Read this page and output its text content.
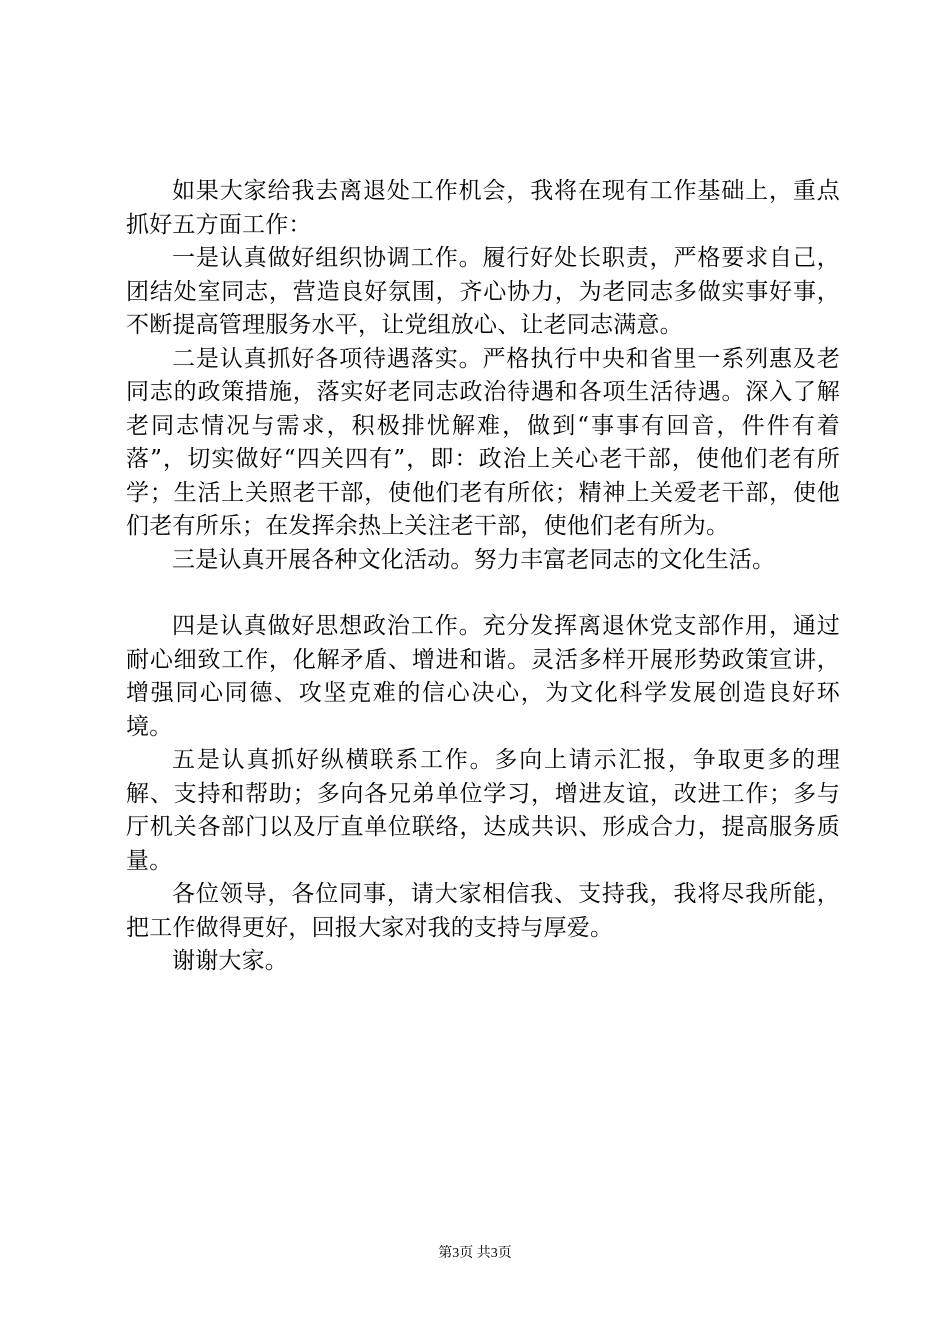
如果大家给我去离退处工作机会，我将在现有工作基础上，重点抓好五方面工作：

一是认真做好组织协调工作。履行好处长职责，严格要求自己，团结处室同志，营造良好氛围，齐心协力，为老同志多做实事好事，不断提高管理服务水平，让党组放心、让老同志满意。

二是认真抓好各项待遇落实。严格执行中央和省里一系列惠及老同志的政策措施，落实好老同志政治待遇和各项生活待遇。深入了解老同志情况与需求，积极排忧解难，做到“事事有回音，件件有着落”，切实做好“四关四有”，即：政治上关心老干部，使他们老有所学；生活上关照老干部，使他们老有所依；精神上关爱老干部，使他们老有所乐；在发挥余热上关注老干部，使他们老有所为。

三是认真开展各种文化活动。努力丰富老同志的文化生活。

四是认真做好思想政治工作。充分发挥离退休党支部作用，通过耐心细致工作，化解矛盾、增进和谐。灵活多样开展形势政策宣讲，增强同心同德、攻坚克难的信心决心，为文化科学发展创造良好环境。

五是认真抓好纵横联系工作。多向上请示汇报，争取更多的理解、支持和帮助；多向各兄弟单位学习，增进友谊，改进工作；多与厅机关各部门以及厅直单位联络，达成共识、形成合力，提高服务质量。

各位领导，各位同事，请大家相信我、支持我，我将尽我所能，把工作做得更好，回报大家对我的支持与厚爱。

谢谢大家。

第3页 共3页
